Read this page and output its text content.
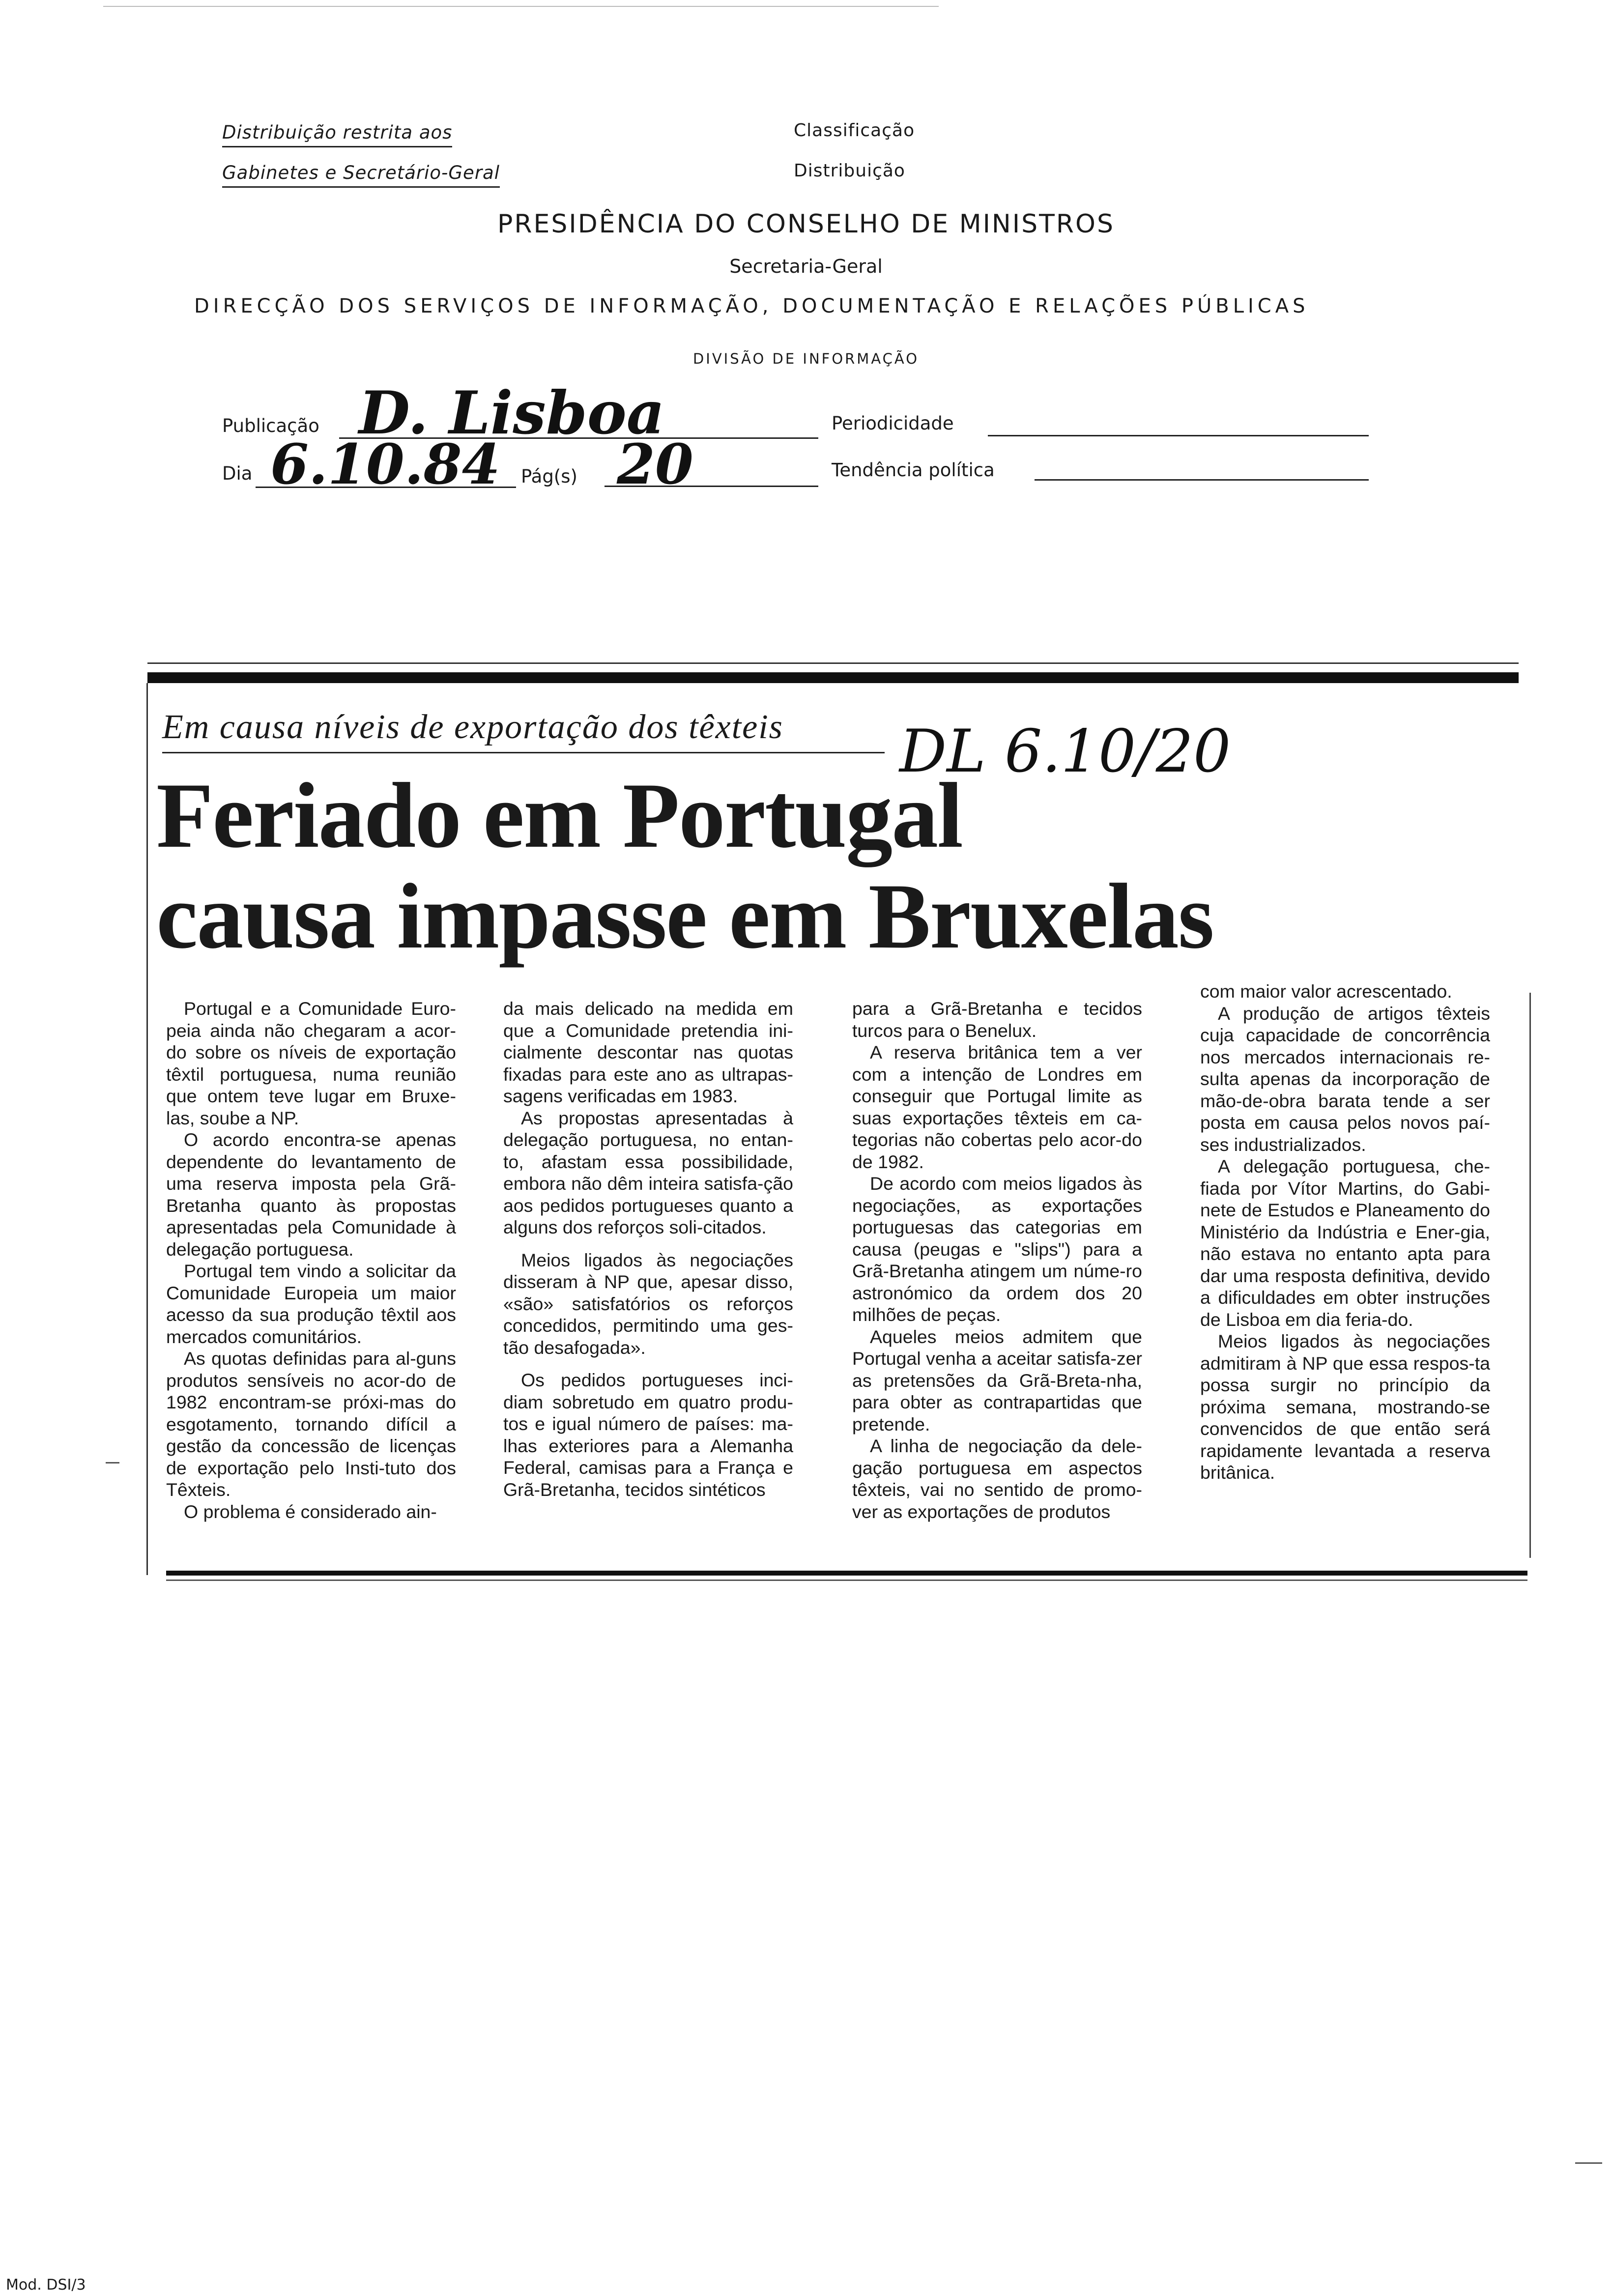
Distribuição restrita aos
Gabinetes e Secretário-Geral
Classificação
Distribuição
PRESIDÊNCIA DO CONSELHO DE MINISTROS
Secretaria-Geral
DIRECÇÃO DOS SERVIÇOS DE INFORMAÇÃO, DOCUMENTAÇÃO E RELAÇÕES PÚBLICAS
DIVISÃO DE INFORMAÇÃO
Publicação D. Lisboa	Periodicidade
Dia 6.10.84 Pág(s) 20	Tendência política
Em causa níveis de exportação dos têxteis DL 6.10/20
Feriado em Portugal
causa impasse em Bruxelas

Portugal e a Comunidade Euro-peia ainda não chegaram a acor-do sobre os níveis de exportação têxtil portuguesa, numa reunião que ontem teve lugar em Bruxe-las, soube a NP.

O acordo encontra-se apenas dependente do levantamento de uma reserva imposta pela Grã-Bretanha quanto às propostas apresentadas pela Comunidade à delegação portuguesa.

Portugal tem vindo a solicitar da Comunidade Europeia um maior acesso da sua produção têxtil aos mercados comunitários.

As quotas definidas para al-guns produtos sensíveis no acor-do de 1982 encontram-se próxi-mas do esgotamento, tornando difícil a gestão da concessão de licenças de exportação pelo Insti-tuto dos Têxteis.

O problema é considerado ain-

da mais delicado na medida em que a Comunidade pretendia ini-cialmente descontar nas quotas fixadas para este ano as ultrapas-sagens verificadas em 1983.

As propostas apresentadas à delegação portuguesa, no entan-to, afastam essa possibilidade, embora não dêm inteira satisfa-ção aos pedidos portugueses quanto a alguns dos reforços soli-citados.

Meios ligados às negociações disseram à NP que, apesar disso, «são» satisfatórios os reforços concedidos, permitindo uma ges-tão desafogada».

Os pedidos portugueses inci-diam sobretudo em quatro produ-tos e igual número de países: ma-lhas exteriores para a Alemanha Federal, camisas para a França e Grã-Bretanha, tecidos sintéticos

para a Grã-Bretanha e tecidos turcos para o Benelux.

A reserva britânica tem a ver com a intenção de Londres em conseguir que Portugal limite as suas exportações têxteis em ca-tegorias não cobertas pelo acor-do de 1982.

De acordo com meios ligados às negociações, as exportações portuguesas das categorias em causa (peugas e "slips") para a Grã-Bretanha atingem um núme-ro astronómico da ordem dos 20 milhões de peças.

Aqueles meios admitem que Portugal venha a aceitar satisfa-zer as pretensões da Grã-Breta-nha, para obter as contrapartidas que pretende.

A linha de negociação da dele-gação portuguesa em aspectos têxteis, vai no sentido de promo-ver as exportações de produtos

com maior valor acrescentado.

A produção de artigos têxteis cuja capacidade de concorrência nos mercados internacionais re-sulta apenas da incorporação de mão-de-obra barata tende a ser posta em causa pelos novos paí-ses industrializados.

A delegação portuguesa, che-fiada por Vítor Martins, do Gabi-nete de Estudos e Planeamento do Ministério da Indústria e Ener-gia, não estava no entanto apta para dar uma resposta definitiva, devido a dificuldades em obter instruções de Lisboa em dia feria-do.

Meios ligados às negociações admitiram à NP que essa respos-ta possa surgir no princípio da próxima semana, mostrando-se convencidos de que então será rapidamente levantada a reserva britânica.

Mod. DSI/3
